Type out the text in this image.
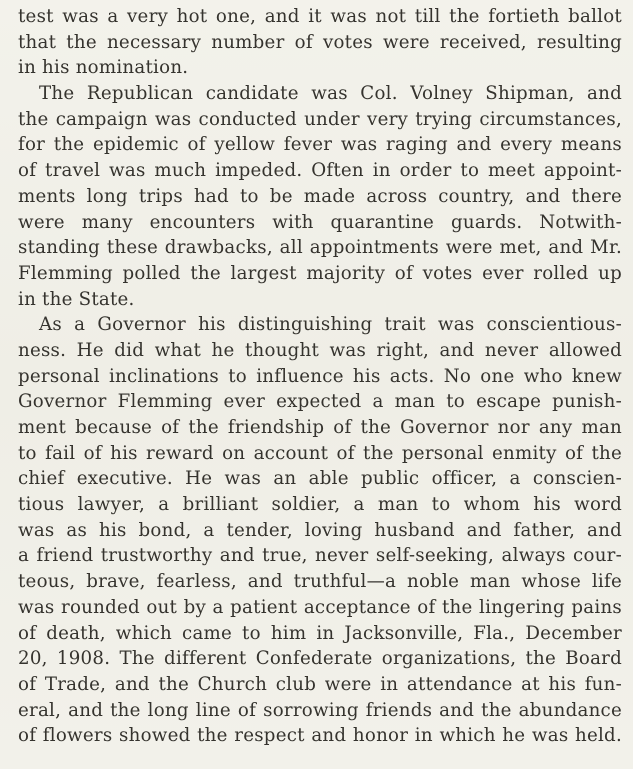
test was a very hot one, and it was not till the fortieth ballot
that the necessary number of votes were received, resulting
in his nomination.
The Republican candidate was Col. Volney Shipman, and
the campaign was conducted under very trying circumstances,
for the epidemic of yellow fever was raging and every means
of travel was much impeded. Often in order to meet appoint-
ments long trips had to be made across country, and there
were many encounters with quarantine guards. Notwith-
standing these drawbacks, all appointments were met, and Mr.
Flemming polled the largest majority of votes ever rolled up
in the State.
As a Governor his distinguishing trait was conscientious-
ness. He did what he thought was right, and never allowed
personal inclinations to influence his acts. No one who knew
Governor Flemming ever expected a man to escape punish-
ment because of the friendship of the Governor nor any man
to fail of his reward on account of the personal enmity of the
chief executive. He was an able public officer, a conscien-
tious lawyer, a brilliant soldier, a man to whom his word
was as his bond, a tender, loving husband and father, and
a friend trustworthy and true, never self-seeking, always cour-
teous, brave, fearless, and truthful—a noble man whose life
was rounded out by a patient acceptance of the lingering pains
of death, which came to him in Jacksonville, Fla., December
20, 1908. The different Confederate organizations, the Board
of Trade, and the Church club were in attendance at his fun-
eral, and the long line of sorrowing friends and the abundance
of flowers showed the respect and honor in which he was held.
